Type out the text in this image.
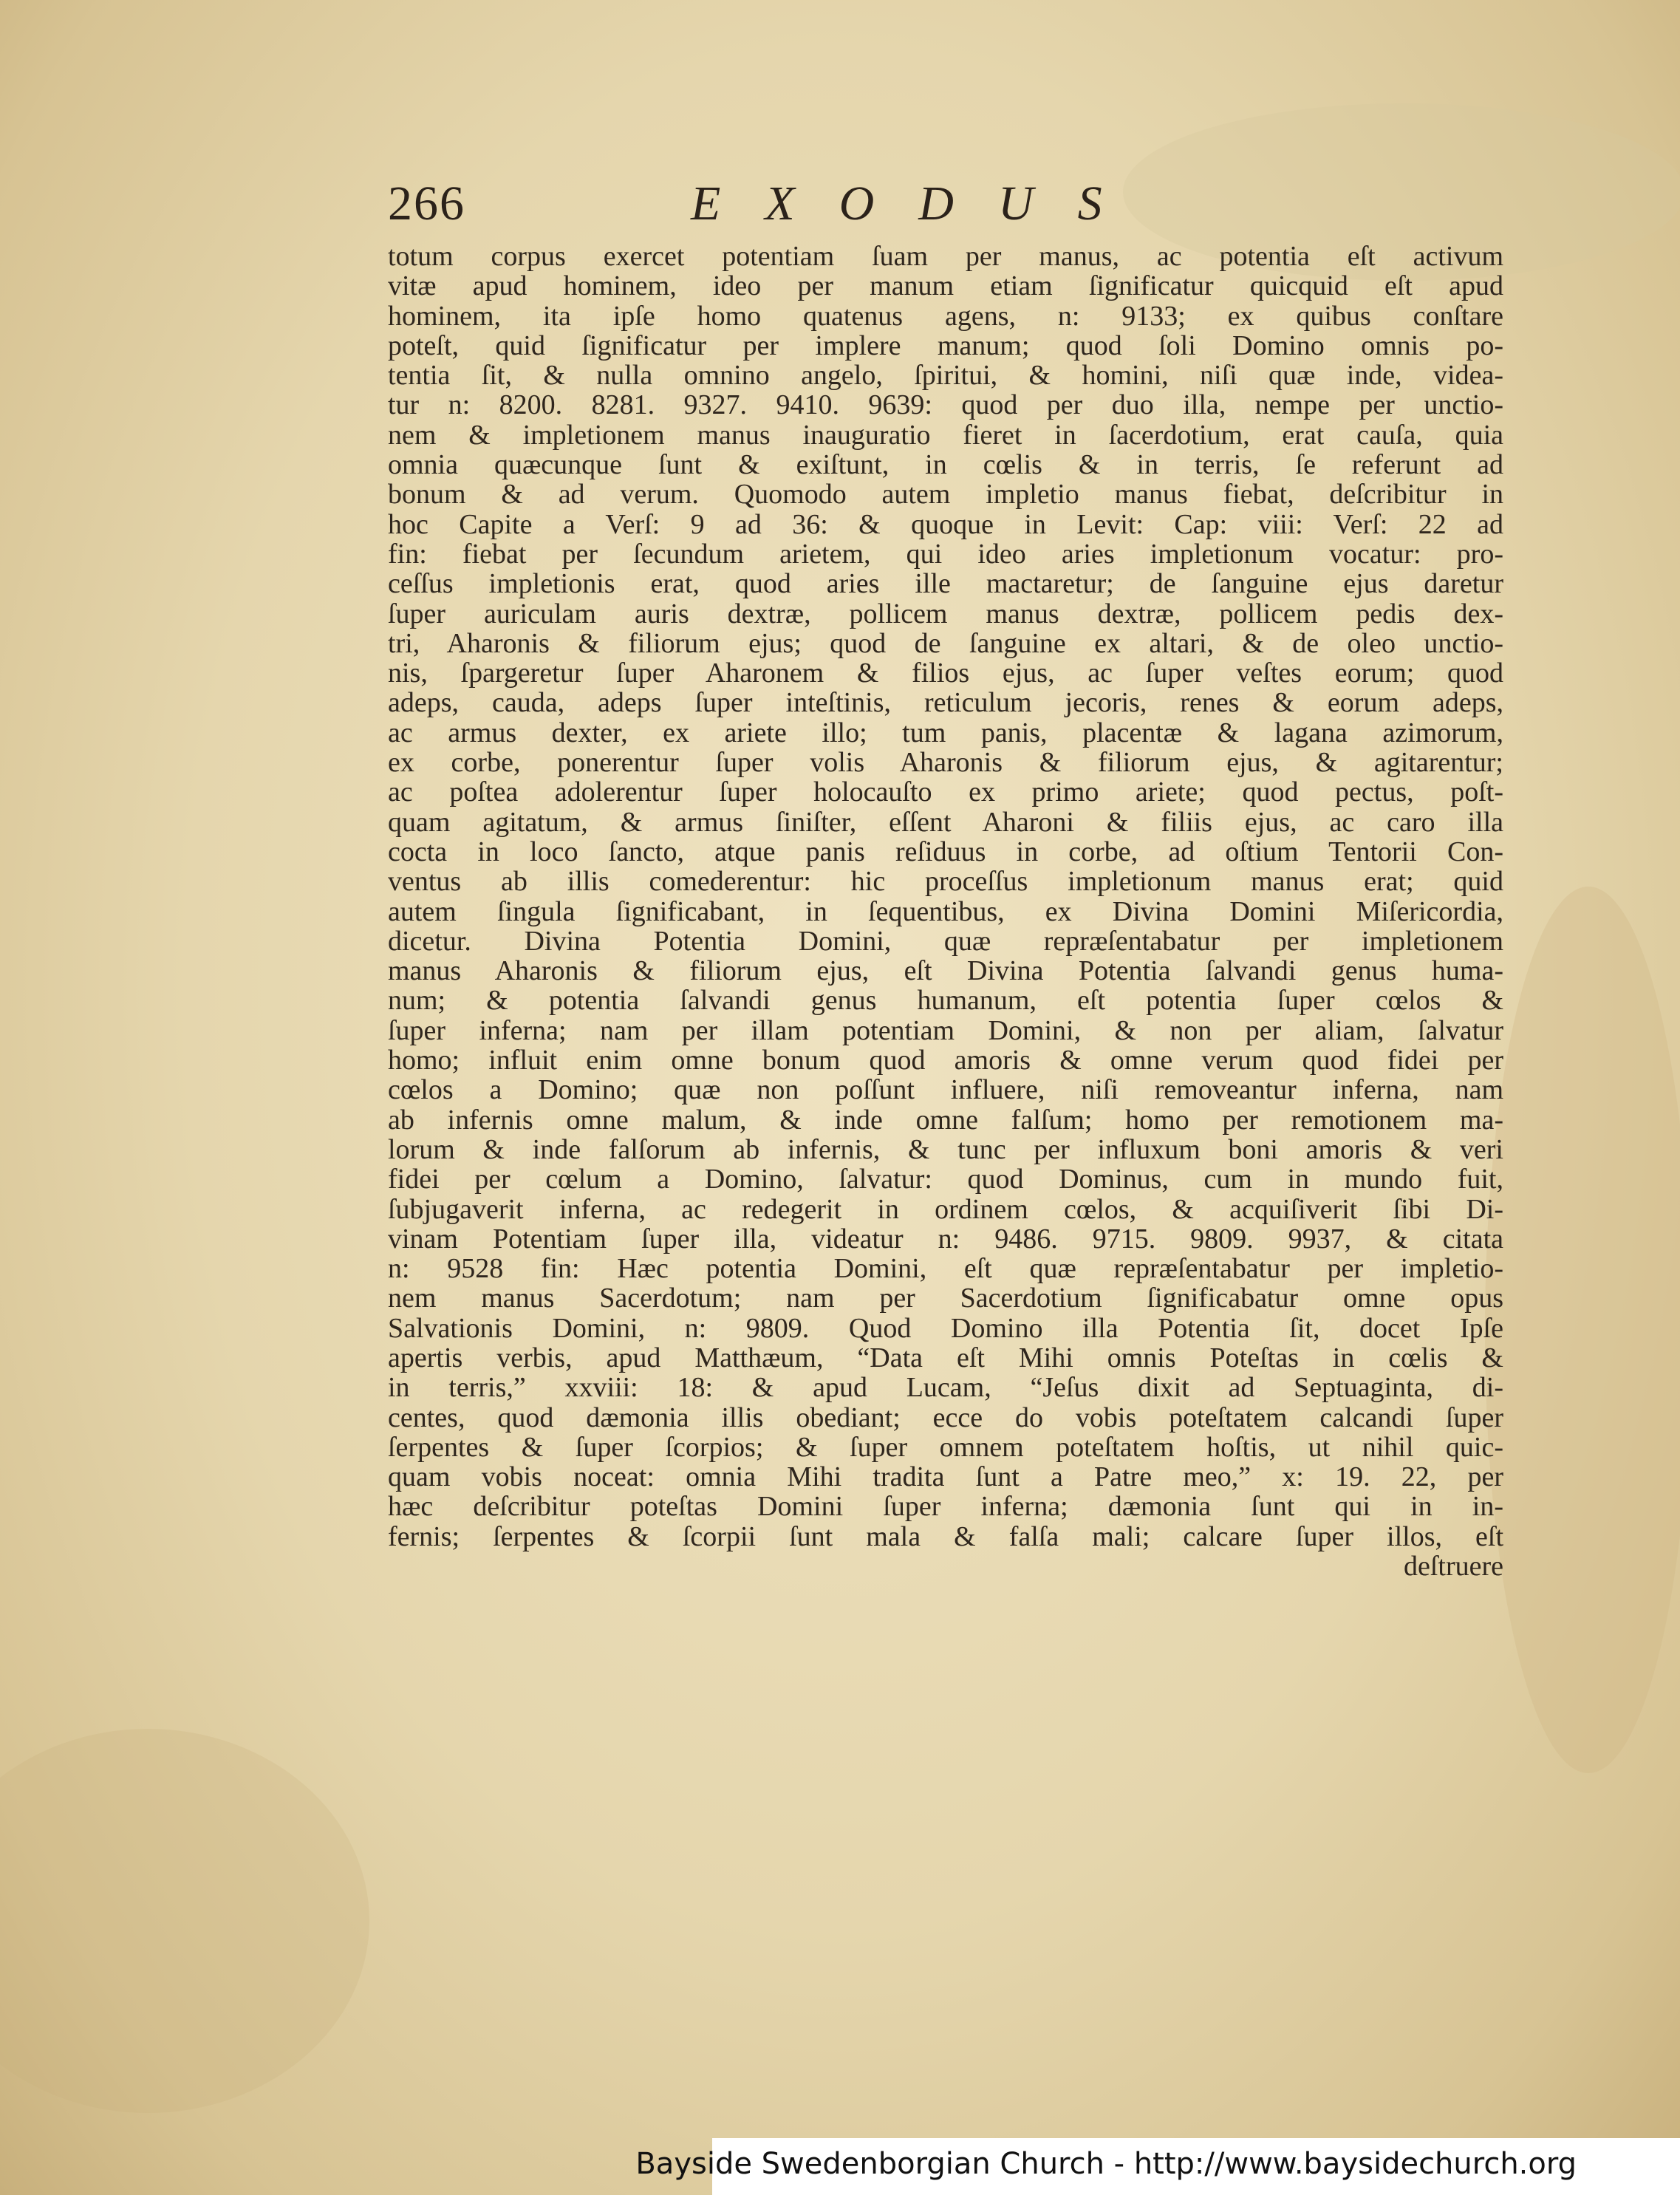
266	EXODUS
totum corpus exercet potentiam ſuam per manus, ac potentia eſt activum
vitæ apud hominem, ideo per manum etiam ſignificatur quicquid eſt apud
hominem, ita ipſe homo quatenus agens, n: 9133; ex quibus conſtare
poteſt, quid ſignificatur per implere manum; quod ſoli Domino omnis po-
tentia ſit, & nulla omnino angelo, ſpiritui, & homini, niſi quæ inde, videa-
tur n: 8200. 8281. 9327. 9410. 9639: quod per duo illa, nempe per unctio-
nem & impletionem manus inauguratio fieret in ſacerdotium, erat cauſa, quia
omnia quæcunque ſunt & exiſtunt, in cœlis & in terris, ſe referunt ad
bonum & ad verum. Quomodo autem impletio manus fiebat, deſcribitur in
hoc Capite a Verſ: 9 ad 36: & quoque in Levit: Cap: viii: Verſ: 22 ad
fin: fiebat per ſecundum arietem, qui ideo aries impletionum vocatur: pro-
ceſſus impletionis erat, quod aries ille mactaretur; de ſanguine ejus daretur
ſuper auriculam auris dextræ, pollicem manus dextræ, pollicem pedis dex-
tri, Aharonis & filiorum ejus; quod de ſanguine ex altari, & de oleo unctio-
nis, ſpargeretur ſuper Aharonem & filios ejus, ac ſuper veſtes eorum; quod
adeps, cauda, adeps ſuper inteſtinis, reticulum jecoris, renes & eorum adeps,
ac armus dexter, ex ariete illo; tum panis, placentæ & lagana azimorum,
ex corbe, ponerentur ſuper volis Aharonis & filiorum ejus, & agitarentur;
ac poſtea adolerentur ſuper holocauſto ex primo ariete; quod pectus, poſt-
quam agitatum, & armus ſiniſter, eſſent Aharoni & filiis ejus, ac caro illa
cocta in loco ſancto, atque panis reſiduus in corbe, ad oſtium Tentorii Con-
ventus ab illis comederentur: hic proceſſus impletionum manus erat; quid
autem ſingula ſignificabant, in ſequentibus, ex Divina Domini Miſericordia,
dicetur. Divina Potentia Domini, quæ repræſentabatur per impletionem
manus Aharonis & filiorum ejus, eſt Divina Potentia ſalvandi genus huma-
num; & potentia ſalvandi genus humanum, eſt potentia ſuper cœlos &
ſuper inferna; nam per illam potentiam Domini, & non per aliam, ſalvatur
homo; influit enim omne bonum quod amoris & omne verum quod fidei per
cœlos a Domino; quæ non poſſunt influere, niſi removeantur inferna, nam
ab infernis omne malum, & inde omne falſum; homo per remotionem ma-
lorum & inde falſorum ab infernis, & tunc per influxum boni amoris & veri
fidei per cœlum a Domino, ſalvatur: quod Dominus, cum in mundo fuit,
ſubjugaverit inferna, ac redegerit in ordinem cœlos, & acquiſiverit ſibi Di-
vinam Potentiam ſuper illa, videatur n: 9486. 9715. 9809. 9937, & citata
n: 9528 fin: Hæc potentia Domini, eſt quæ repræſentabatur per impletio-
nem manus Sacerdotum; nam per Sacerdotium ſignificabatur omne opus
Salvationis Domini, n: 9809. Quod Domino illa Potentia ſit, docet Ipſe
apertis verbis, apud Matthæum, “Data eſt Mihi omnis Poteſtas in cœlis &
in terris,” xxviii: 18: & apud Lucam, “Jeſus dixit ad Septuaginta, di-
centes, quod dæmonia illis obediant; ecce do vobis poteſtatem calcandi ſuper
ſerpentes & ſuper ſcorpios; & ſuper omnem poteſtatem hoſtis, ut nihil quic-
quam vobis noceat: omnia Mihi tradita ſunt a Patre meo,” x: 19. 22, per
hæc deſcribitur poteſtas Domini ſuper inferna; dæmonia ſunt qui in in-
fernis; ſerpentes & ſcorpii ſunt mala & falſa mali; calcare ſuper illos, eſt
deſtruere
Bayside Swedenborgian Church - http://www.baysidechurch.org
